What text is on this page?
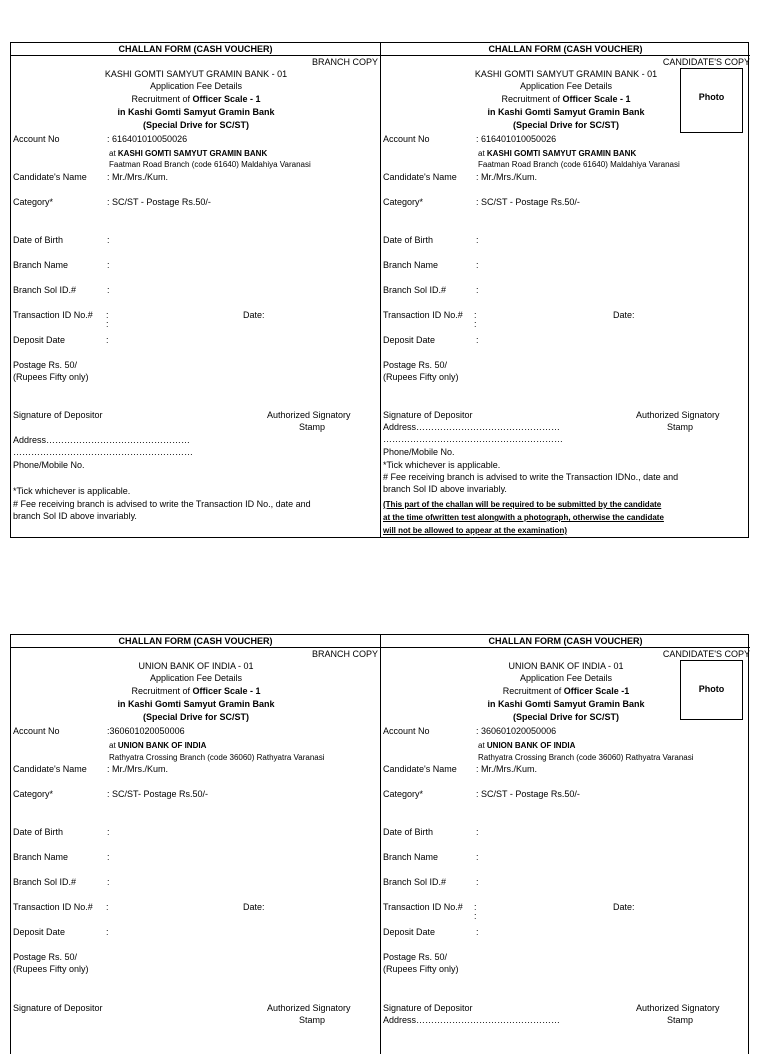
CHALLAN FORM (CASH VOUCHER)
BRANCH COPY
KASHI GOMTI SAMYUT GRAMIN BANK - 01
Application Fee Details
Recruitment of Officer Scale - 1
in Kashi Gomti Samyut Gramin Bank
(Special Drive for SC/ST)
Account No	: 616401010050026
at KASHI GOMTI SAMYUT GRAMIN BANK
Faatman Road Branch (code 61640) Maldahiya Varanasi
Candidate's Name : Mr./Mrs./Kum.
Category*	: SC/ST - Postage Rs.50/-
Date of Birth	:
Branch Name	:
Branch Sol ID.#	:
Transaction ID No.# :
:
Date:
Deposit Date	:
Postage Rs. 50/
(Rupees Fifty only)
Signature of Depositor	Authorized Signatory
Stamp
Address…………………………………………
……………………………………………………
Phone/Mobile No.
*Tick whichever is applicable.
# Fee receiving branch is advised to write the Transaction ID No., date and
branch Sol ID above invariably.
CHALLAN FORM (CASH VOUCHER)
CANDIDATE'S COPY
KASHI GOMTI SAMYUT GRAMIN BANK - 01
Application Fee Details
Recruitment of Officer Scale - 1
in Kashi Gomti Samyut Gramin Bank
(Special Drive for SC/ST)
Photo
Account No	: 616401010050026
at KASHI GOMTI SAMYUT GRAMIN BANK
Faatman Road Branch (code 61640) Maldahiya Varanasi
Candidate's Name : Mr./Mrs./Kum.
Category*	: SC/ST - Postage Rs.50/-
Date of Birth	:
Branch Name	:
Branch Sol ID.#	:
Transaction ID No.# :
:
Date:
Deposit Date	:
Postage Rs. 50/
(Rupees Fifty only)
Signature of Depositor	Authorized Signatory
Stamp
Address…………………………………………
……………………………………………………
Phone/Mobile No.
*Tick whichever is applicable.
# Fee receiving branch is advised to write the Transaction IDNo., date and
branch Sol ID above invariably.
(This part of the challan will be required to be submitted by the candidate
at the time ofwritten test alongwith a photograph, otherwise the candidate
will not be allowed to appear at the examination)
CHALLAN FORM (CASH VOUCHER)
BRANCH COPY
UNION BANK OF INDIA - 01
Application Fee Details
Recruitment of Officer Scale - 1
in Kashi Gomti Samyut Gramin Bank
(Special Drive for SC/ST)
Account No	:360601020050006
at UNION BANK OF INDIA
Rathyatra Crossing Branch (code 36060) Rathyatra Varanasi
Candidate's Name : Mr./Mrs./Kum.
Category*	: SC/ST- Postage Rs.50/-
Date of Birth	:
Branch Name	:
Branch Sol ID.#	:
Transaction ID No.# :	Date:
Deposit Date	:
Postage Rs. 50/
(Rupees Fifty only)
Signature of Depositor	Authorized Signatory
Stamp
CHALLAN FORM (CASH VOUCHER)
CANDIDATE'S COPY
UNION BANK OF INDIA - 01
Application Fee Details
Recruitment of Officer Scale -1
in Kashi Gomti Samyut Gramin Bank
(Special Drive for SC/ST)
Photo
Account No	: 360601020050006
at UNION BANK OF INDIA
Rathyatra Crossing Branch (code 36060) Rathyatra Varanasi
Candidate's Name : Mr./Mrs./Kum.
Category*	: SC/ST - Postage Rs.50/-
Date of Birth	:
Branch Name	:
Branch Sol ID.#	:
Transaction ID No.# :
:
Date:
Deposit Date	:
Postage Rs. 50/
(Rupees Fifty only)
Signature of Depositor	Authorized Signatory
Stamp
Address…………………………………………
